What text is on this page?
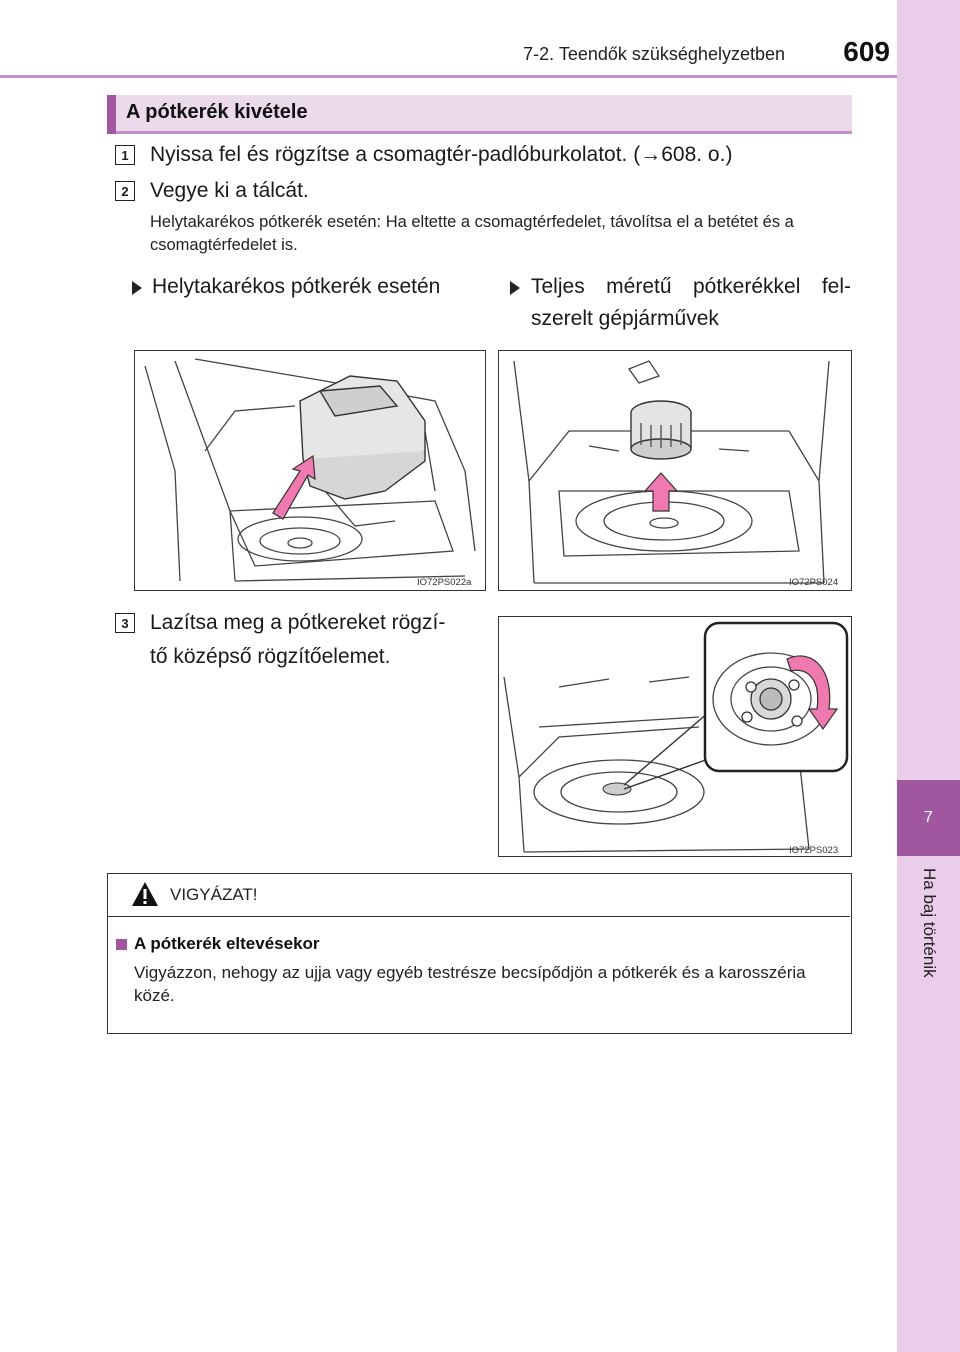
7
Ha baj történik
7-2. Teendők szükséghelyzetben	609
A pótkerék kivétele
1	Nyissa fel és rögzítse a csomagtér-padlóburkolatot. (→608. o.)
2	Vegye ki a tálcát.
Helytakarékos pótkerék esetén: Ha eltette a csomagtérfedelet, távolítsa el a betétet és a csomagtérfedelet is.
Helytakarékos pótkerék esetén	Teljes méretű pótkerékkel fel-
szerelt gépjárművek
IO72PS022a	IO72PS024
3	Lazítsa meg a pótkereket rögzí-
tő középső rögzítőelemet.
IO72PS023
VIGYÁZAT!
A pótkerék eltevésekor
Vigyázzon, nehogy az ujja vagy egyéb testrésze becsípődjön a pótkerék és a karosszéria közé.
